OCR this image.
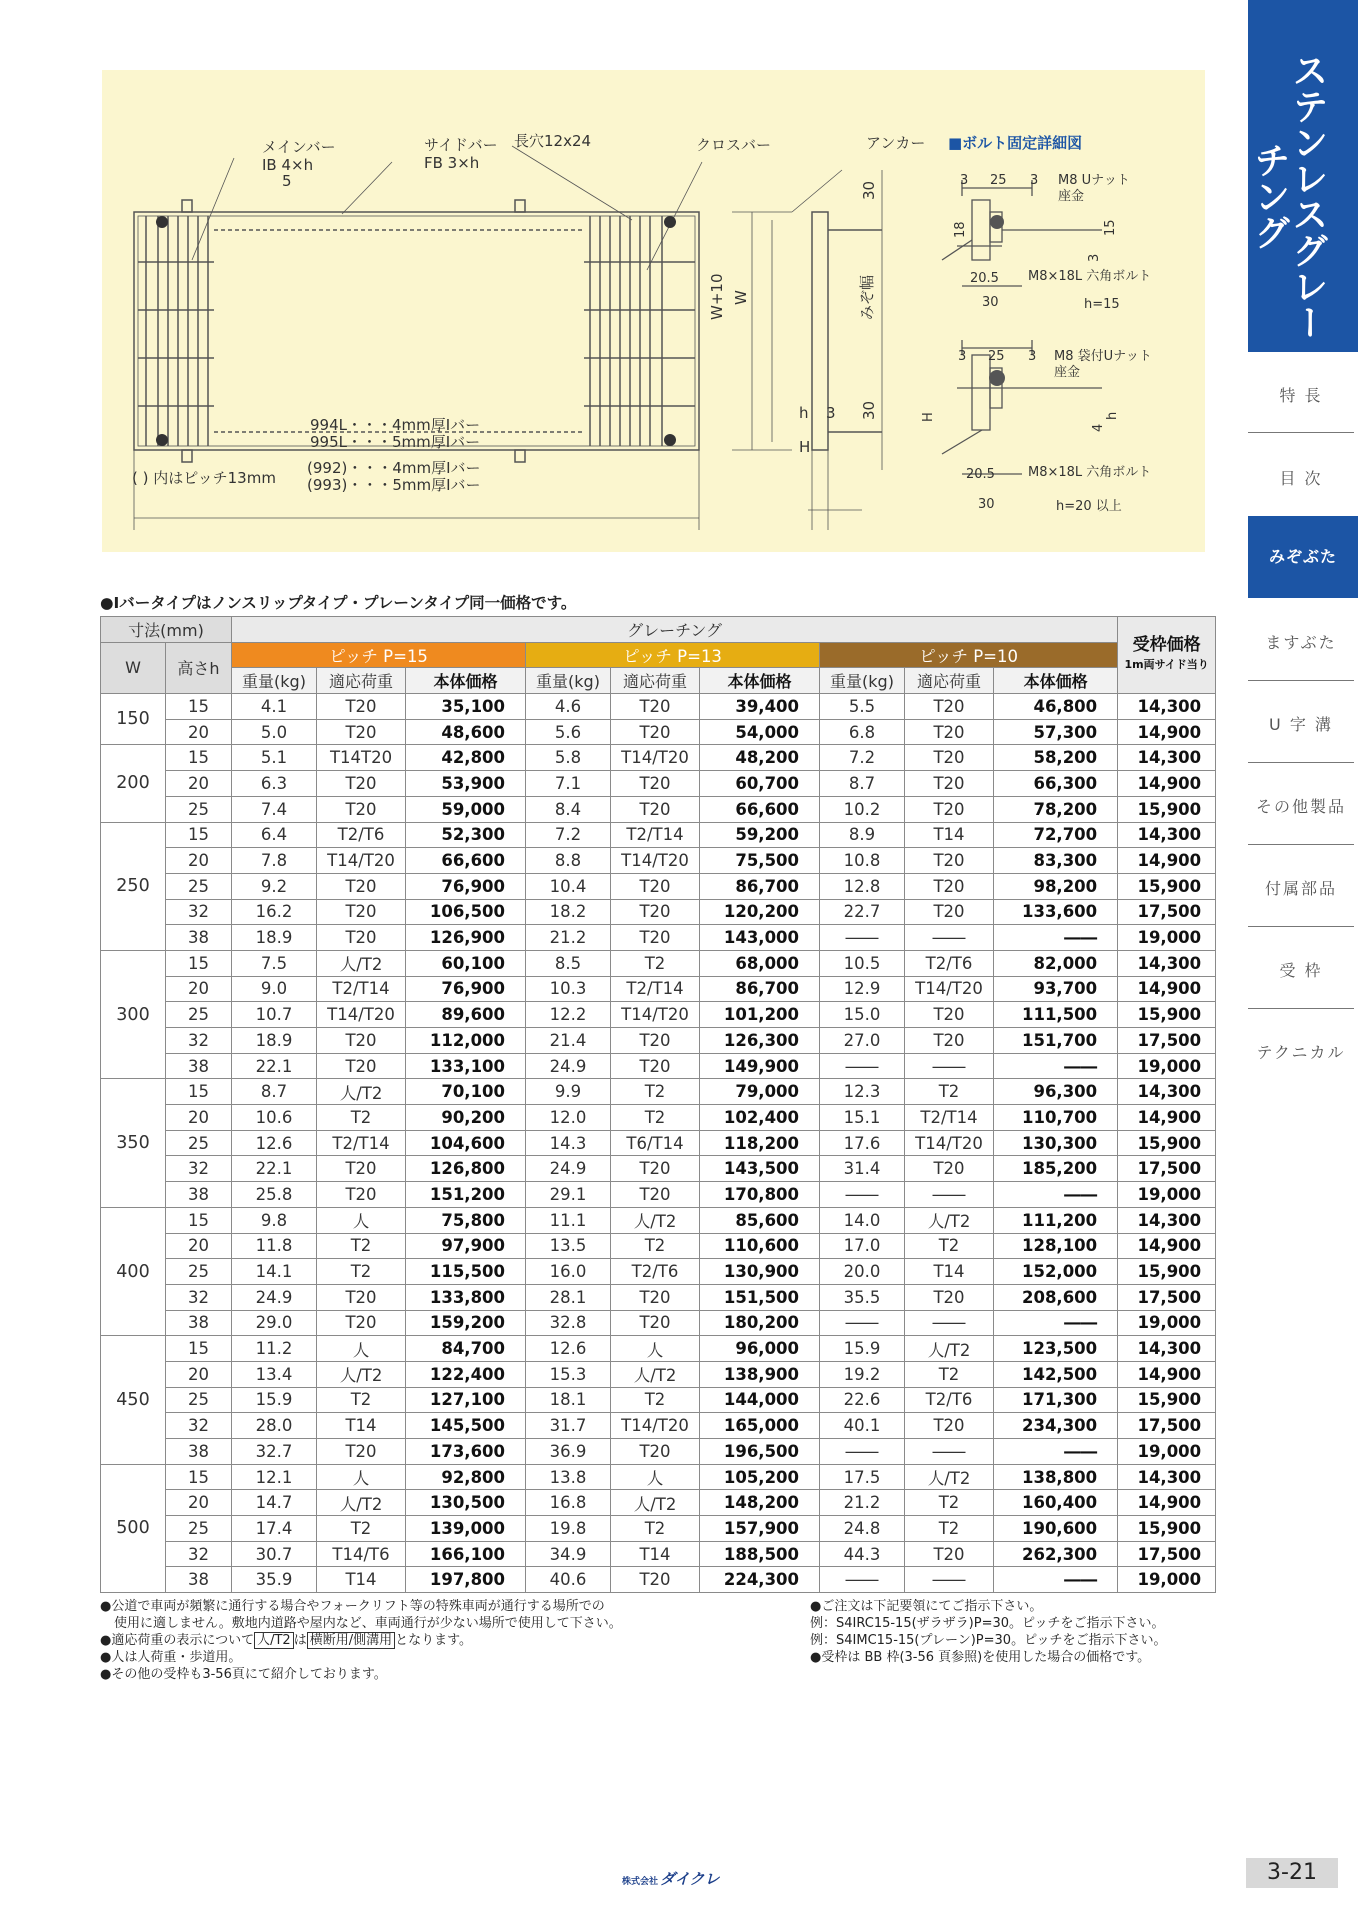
メインバー
IB 4×h
5
サイドバー
FB 3×h
長穴12x24	クロスバー	アンカー ■ボルト固定詳細図
994L・・・4mm厚Iバー
995L・・・5mm厚Iバー
( ) 内はピッチ13mm
(992)・・・4mm厚Iバー
(993)・・・5mm厚Iバー
W+10 W
30
30
みぞ幅
h 3
H
3 25 3 M8 Uナット
座金
18	15
3
20.5 M8×18L 六角ボルト
30	h=15
3 25 3 M8 袋付Uナット
座金
H
4
h
20.5	M8×18L 六角ボルト
30	h=20 以上
ステンレスグレーチング
特 長
目 次
みぞぶた
ますぶた
U 字 溝
その他製品
付属部品
受 枠
テクニカル
●Iバータイプはノンスリップタイプ・プレーンタイプ同一価格です。
寸法(mm)		グレーチング									受枠価格
1m両サイド当り

W	高さh	ピッチ P=15			ピッチ P=13			ピッチ P=10			
		重量(kg)	適応荷重	本体価格	重量(kg)	適応荷重	本体価格	重量(kg)	適応荷重	本体価格	
150	15	4.1	T20	35,100	4.6	T20	39,400	5.5	T20	46,800	14,300
	20	5.0	T20	48,600	5.6	T20	54,000	6.8	T20	57,300	14,900
200	15	5.1	T14T20	42,800	5.8	T14/T20	48,200	7.2	T20	58,200	14,300
	20	6.3	T20	53,900	7.1	T20	60,700	8.7	T20	66,300	14,900
	25	7.4	T20	59,000	8.4	T20	66,600	10.2	T20	78,200	15,900
250	15	6.4	T2/T6	52,300	7.2	T2/T14	59,200	8.9	T14	72,700	14,300
	20	7.8	T14/T20	66,600	8.8	T14/T20	75,500	10.8	T20	83,300	14,900
	25	9.2	T20	76,900	10.4	T20	86,700	12.8	T20	98,200	15,900
	32	16.2	T20	106,500	18.2	T20	120,200	22.7	T20	133,600	17,500
	38	18.9	T20	126,900	21.2	T20	143,000	――	――	――	19,000
300	15	7.5	人/T2	60,100	8.5	T2	68,000	10.5	T2/T6	82,000	14,300
	20	9.0	T2/T14	76,900	10.3	T2/T14	86,700	12.9	T14/T20	93,700	14,900
	25	10.7	T14/T20	89,600	12.2	T14/T20	101,200	15.0	T20	111,500	15,900
	32	18.9	T20	112,000	21.4	T20	126,300	27.0	T20	151,700	17,500
	38	22.1	T20	133,100	24.9	T20	149,900	――	――	――	19,000
350	15	8.7	人/T2	70,100	9.9	T2	79,000	12.3	T2	96,300	14,300
	20	10.6	T2	90,200	12.0	T2	102,400	15.1	T2/T14	110,700	14,900
	25	12.6	T2/T14	104,600	14.3	T6/T14	118,200	17.6	T14/T20	130,300	15,900
	32	22.1	T20	126,800	24.9	T20	143,500	31.4	T20	185,200	17,500
	38	25.8	T20	151,200	29.1	T20	170,800	――	――	――	19,000
400	15	9.8	人	75,800	11.1	人/T2	85,600	14.0	人/T2	111,200	14,300
	20	11.8	T2	97,900	13.5	T2	110,600	17.0	T2	128,100	14,900
	25	14.1	T2	115,500	16.0	T2/T6	130,900	20.0	T14	152,000	15,900
	32	24.9	T20	133,800	28.1	T20	151,500	35.5	T20	208,600	17,500
	38	29.0	T20	159,200	32.8	T20	180,200	――	――	――	19,000
450	15	11.2	人	84,700	12.6	人	96,000	15.9	人/T2	123,500	14,300
	20	13.4	人/T2	122,400	15.3	人/T2	138,900	19.2	T2	142,500	14,900
	25	15.9	T2	127,100	18.1	T2	144,000	22.6	T2/T6	171,300	15,900
	32	28.0	T14	145,500	31.7	T14/T20	165,000	40.1	T20	234,300	17,500
	38	32.7	T20	173,600	36.9	T20	196,500	――	――	――	19,000
500	15	12.1	人	92,800	13.8	人	105,200	17.5	人/T2	138,800	14,300
	20	14.7	人/T2	130,500	16.8	人/T2	148,200	21.2	T2	160,400	14,900
	25	17.4	T2	139,000	19.8	T2	157,900	24.8	T2	190,600	15,900
	32	30.7	T14/T6	166,100	34.9	T14	188,500	44.3	T20	262,300	17,500
	38	35.9	T14	197,800	40.6	T20	224,300	――	――	――	19,000
●公道で車両が頻繁に通行する場合やフォークリフト等の特殊車両が通行する場所での
使用に適しません。敷地内道路や屋内など、車両通行が少ない場所で使用して下さい。
●適応荷重の表示について 人/T2 は 横断用/側溝用 となります。
●人は人荷重・歩道用。
●その他の受枠も3-56頁にて紹介しております。
●ご注文は下記要領にてご指示下さい。
例：S4IRC15-15(ザラザラ)P=30。ピッチをご指示下さい。
例：S4IMC15-15(プレーン)P=30。ピッチをご指示下さい。
●受枠は BB 枠(3-56 頁参照)を使用した場合の価格です。
株式会社 ダイクレ	3-21
